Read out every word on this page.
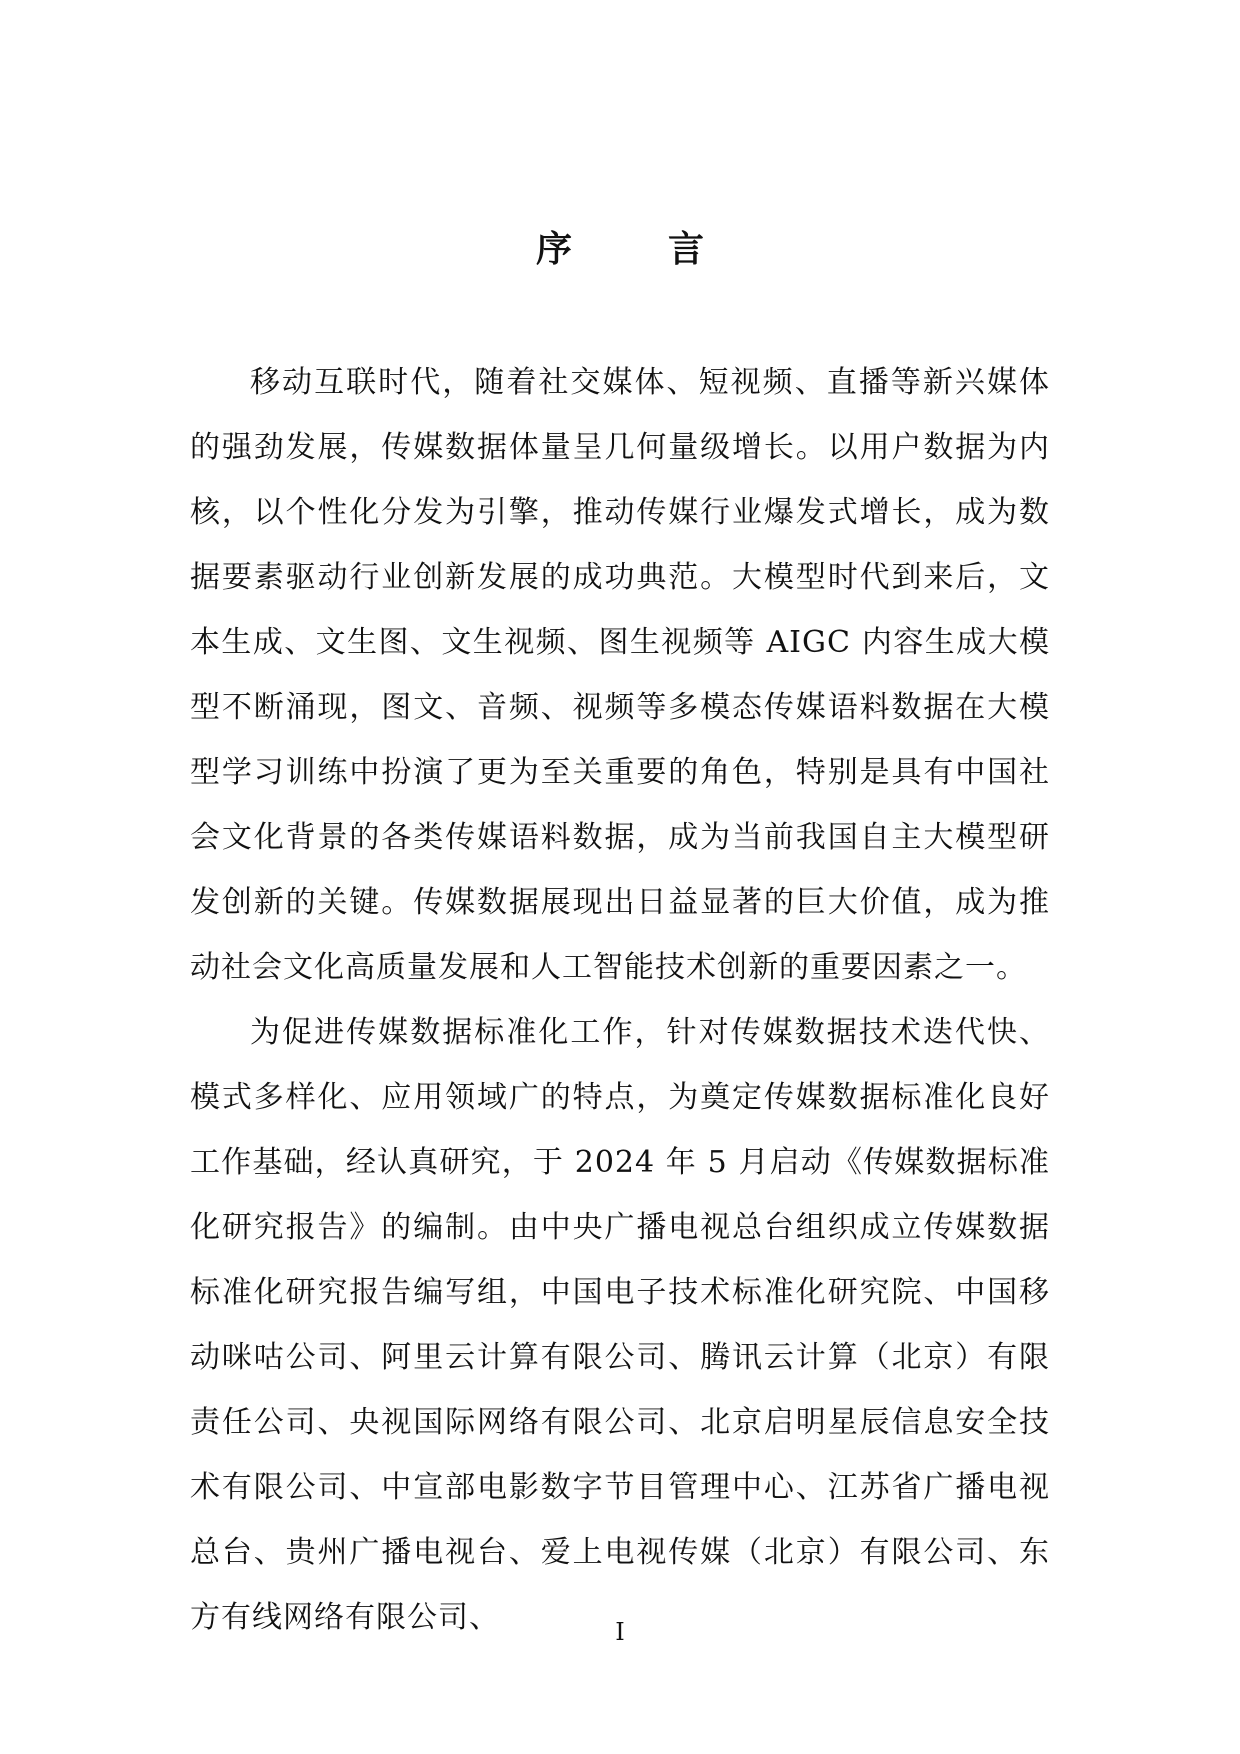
序　言

移动互联时代，随着社交媒体、短视频、直播等新兴媒体的强劲发展，传媒数据体量呈几何量级增长。以用户数据为内核，以个性化分发为引擎，推动传媒行业爆发式增长，成为数据要素驱动行业创新发展的成功典范。大模型时代到来后，文本生成、文生图、文生视频、图生视频等 AIGC 内容生成大模型不断涌现，图文、音频、视频等多模态传媒语料数据在大模型学习训练中扮演了更为至关重要的角色，特别是具有中国社会文化背景的各类传媒语料数据，成为当前我国自主大模型研发创新的关键。传媒数据展现出日益显著的巨大价值，成为推动社会文化高质量发展和人工智能技术创新的重要因素之一。

为促进传媒数据标准化工作，针对传媒数据技术迭代快、模式多样化、应用领域广的特点，为奠定传媒数据标准化良好工作基础，经认真研究，于 2024 年 5 月启动《传媒数据标准化研究报告》的编制。由中央广播电视总台组织成立传媒数据标准化研究报告编写组，中国电子技术标准化研究院、中国移动咪咕公司、阿里云计算有限公司、腾讯云计算（北京）有限责任公司、央视国际网络有限公司、北京启明星辰信息安全技术有限公司、中宣部电影数字节目管理中心、江苏省广播电视总台、贵州广播电视台、爱上电视传媒（北京）有限公司、东方有线网络有限公司、	I
